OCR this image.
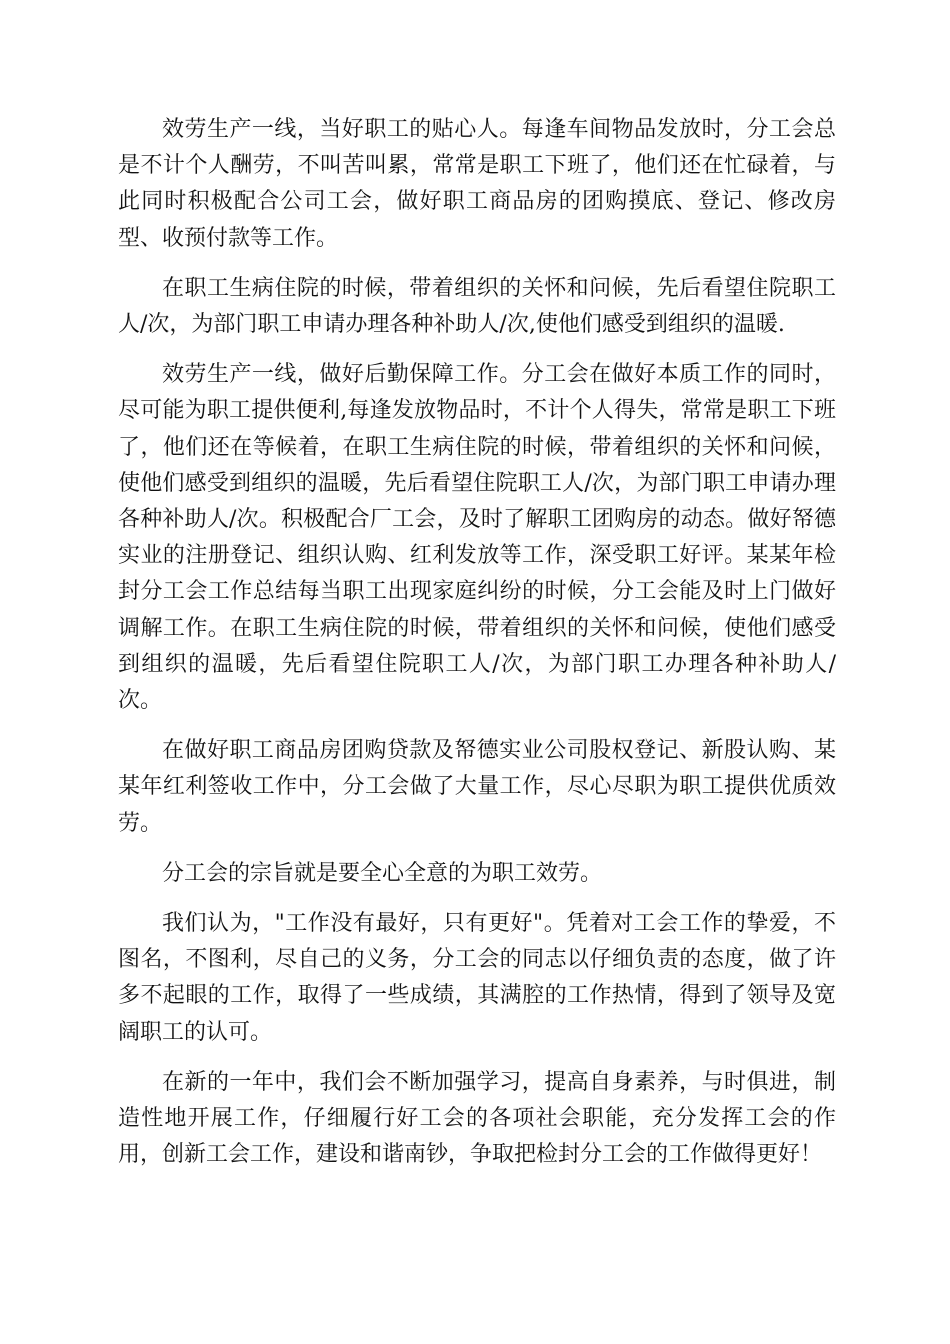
效劳生产一线，当好职工的贴心人。每逢车间物品发放时，分工会总是不计个人酬劳，不叫苦叫累，常常是职工下班了，他们还在忙碌着，与此同时积极配合公司工会，做好职工商品房的团购摸底、登记、修改房型、收预付款等工作。

在职工生病住院的时候，带着组织的关怀和问候，先后看望住院职工人/次，为部门职工申请办理各种补助人/次,使他们感受到组织的温暖.

效劳生产一线，做好后勤保障工作。分工会在做好本质工作的同时，尽可能为职工提供便利,每逢发放物品时，不计个人得失，常常是职工下班了，他们还在等候着，在职工生病住院的时候，带着组织的关怀和问候，使他们感受到组织的温暖，先后看望住院职工人/次，为部门职工申请办理各种补助人/次。积极配合厂工会，及时了解职工团购房的动态。做好帑德实业的注册登记、组织认购、红利发放等工作，深受职工好评。某某年检封分工会工作总结每当职工出现家庭纠纷的时候，分工会能及时上门做好调解工作。在职工生病住院的时候，带着组织的关怀和问候，使他们感受到组织的温暖，先后看望住院职工人/次，为部门职工办理各种补助人/次。

在做好职工商品房团购贷款及帑德实业公司股权登记、新股认购、某某年红利签收工作中，分工会做了大量工作，尽心尽职为职工提供优质效劳。

分工会的宗旨就是要全心全意的为职工效劳。

我们认为，"工作没有最好，只有更好"。凭着对工会工作的挚爱，不图名，不图利，尽自己的义务，分工会的同志以仔细负责的态度，做了许多不起眼的工作，取得了一些成绩，其满腔的工作热情，得到了领导及宽阔职工的认可。

在新的一年中，我们会不断加强学习，提高自身素养，与时俱进，制造性地开展工作，仔细履行好工会的各项社会职能，充分发挥工会的作用，创新工会工作，建设和谐南钞，争取把检封分工会的工作做得更好！
